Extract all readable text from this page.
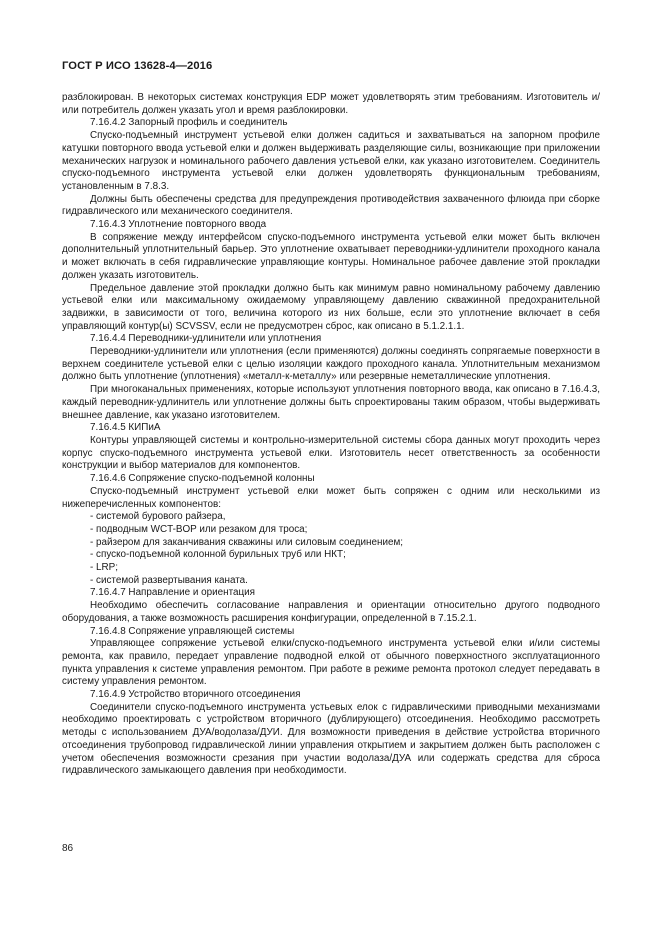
ГОСТ Р ИСО 13628-4—2016

разблокирован. В некоторых системах конструкция EDP может удовлетворять этим требованиям. Изготовитель и/или потребитель должен указать угол и время разблокировки.

7.16.4.2 Запорный профиль и соединитель

Спуско-подъемный инструмент устьевой елки должен садиться и захватываться на запорном профиле катушки повторного ввода устьевой елки и должен выдерживать разделяющие силы, возникающие при приложении механических нагрузок и номинального рабочего давления устьевой елки, как указано изготовителем. Соединитель спуско-подъемного инструмента устьевой елки должен удовлетворять функциональным требованиям, установленным в 7.8.3.

Должны быть обеспечены средства для предупреждения противодействия захваченного флюида при сборке гидравлического или механического соединителя.

7.16.4.3 Уплотнение повторного ввода

В сопряжение между интерфейсом спуско-подъемного инструмента устьевой елки может быть включен дополнительный уплотнительный барьер. Это уплотнение охватывает переводники-удлинители проходного канала и может включать в себя гидравлические управляющие контуры. Номинальное рабочее давление этой прокладки должен указать изготовитель.

Предельное давление этой прокладки должно быть как минимум равно номинальному рабочему давлению устьевой елки или максимальному ожидаемому управляющему давлению скважинной предохранительной задвижки, в зависимости от того, величина которого из них больше, если это уплотнение включает в себя управляющий контур(ы) SCVSSV, если не предусмотрен сброс, как описано в 5.1.2.1.1.

7.16.4.4 Переводники-удлинители или уплотнения

Переводники-удлинители или уплотнения (если применяются) должны соединять сопрягаемые поверхности в верхнем соединителе устьевой елки с целью изоляции каждого проходного канала. Уплотнительным механизмом должно быть уплотнение (уплотнения) «металл-к-металлу» или резервные неметаллические уплотнения.

При многоканальных применениях, которые используют уплотнения повторного ввода, как описано в 7.16.4.3, каждый переводник-удлинитель или уплотнение должны быть спроектированы таким образом, чтобы выдерживать внешнее давление, как указано изготовителем.

7.16.4.5 КИПиА

Контуры управляющей системы и контрольно-измерительной системы сбора данных могут проходить через корпус спуско-подъемного инструмента устьевой елки. Изготовитель несет ответственность за особенности конструкции и выбор материалов для компонентов.

7.16.4.6 Сопряжение спуско-подъемной колонны

Спуско-подъемный инструмент устьевой елки может быть сопряжен с одним или несколькими из нижеперечисленных компонентов:

- системой бурового райзера,

- подводным WCT-BOP или резаком для троса;

- райзером для заканчивания скважины или силовым соединением;

- спуско-подъемной колонной бурильных труб или НКТ;

- LRP;

- системой развертывания каната.

7.16.4.7 Направление и ориентация

Необходимо обеспечить согласование направления и ориентации относительно другого подводного оборудования, а также возможность расширения конфигурации, определенной в 7.15.2.1.

7.16.4.8 Сопряжение управляющей системы

Управляющее сопряжение устьевой елки/спуско-подъемного инструмента устьевой елки и/или системы ремонта, как правило, передает управление подводной елкой от обычного поверхностного эксплуатационного пункта управления к системе управления ремонтом. При работе в режиме ремонта протокол следует передавать в систему управления ремонтом.

7.16.4.9 Устройство вторичного отсоединения

Соединители спуско-подъемного инструмента устьевых елок с гидравлическими приводными механизмами необходимо проектировать с устройством вторичного (дублирующего) отсоединения. Необходимо рассмотреть методы с использованием ДУА/водолаза/ДУИ. Для возможности приведения в действие устройства вторичного отсоединения трубопровод гидравлической линии управления открытием и закрытием должен быть расположен с учетом обеспечения возможности срезания при участии водолаза/ДУА или содержать средства для сброса гидравлического замыкающего давления при необходимости.

86
